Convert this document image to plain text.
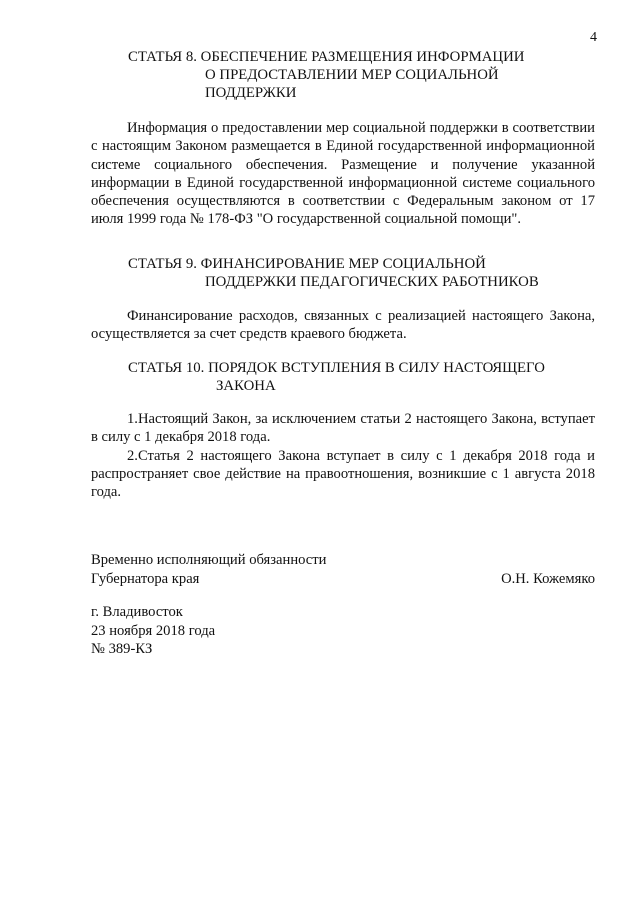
4
СТАТЬЯ 8. ОБЕСПЕЧЕНИЕ РАЗМЕЩЕНИЯ ИНФОРМАЦИИ
О ПРЕДОСТАВЛЕНИИ МЕР СОЦИАЛЬНОЙ
ПОДДЕРЖКИ
Информация о предоставлении мер социальной поддержки в соответствии с настоящим Законом размещается в Единой государственной информационной системе социального обеспечения. Размещение и получение указанной информации в Единой государственной информационной системе социального обеспечения осуществляются в соответствии с Федеральным законом от 17 июля 1999 года № 178-ФЗ "О государственной социальной помощи".
СТАТЬЯ 9. ФИНАНСИРОВАНИЕ МЕР СОЦИАЛЬНОЙ
ПОДДЕРЖКИ ПЕДАГОГИЧЕСКИХ РАБОТНИКОВ
Финансирование расходов, связанных с реализацией настоящего Закона, осуществляется за счет средств краевого бюджета.
СТАТЬЯ 10. ПОРЯДОК ВСТУПЛЕНИЯ В СИЛУ НАСТОЯЩЕГО
ЗАКОНА
1.Настоящий Закон, за исключением статьи 2 настоящего Закона, вступает в силу с 1 декабря 2018 года.
2.Статья 2 настоящего Закона вступает в силу с 1 декабря 2018 года и распространяет свое действие на правоотношения, возникшие с 1 августа 2018 года.
Временно исполняющий обязанности
Губернатора края	О.Н. Кожемяко
г. Владивосток
23 ноября 2018 года
№ 389-КЗ
